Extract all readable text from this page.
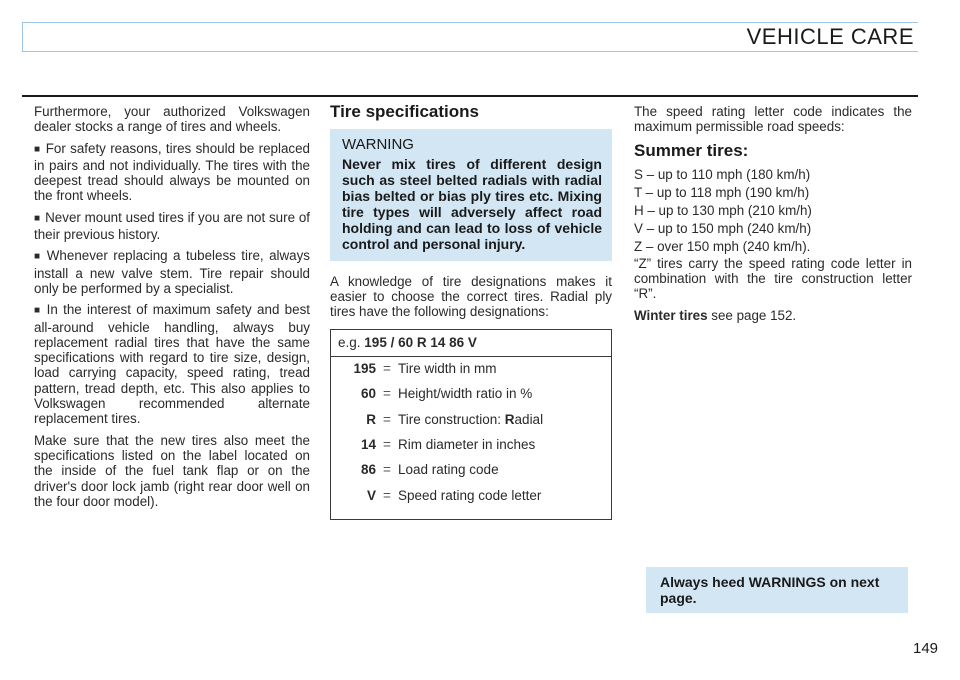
VEHICLE CARE

Furthermore, your authorized Volkswagen dealer stocks a range of tires and wheels.

■ For safety reasons, tires should be replaced in pairs and not individually. The tires with the deepest tread should always be mounted on the front wheels.

■ Never mount used tires if you are not sure of their previous history.

■ Whenever replacing a tubeless tire, always install a new valve stem. Tire repair should only be performed by a specialist.

■ In the interest of maximum safety and best all-around vehicle handling, always buy replacement radial tires that have the same specifications with regard to tire size, design, load carrying capacity, speed rating, tread pattern, tread depth, etc. This also applies to Volkswagen recommended alternate replacement tires.

Make sure that the new tires also meet the specifications listed on the label located on the inside of the fuel tank flap or on the driver's door lock jamb (right rear door well on the four door model).

Tire specifications
WARNING
Never mix tires of different design such as steel belted radials with radial bias belted or bias ply tires etc. Mixing tire types will adversely affect road holding and can lead to loss of vehicle control and personal injury.

A knowledge of tire designations makes it easier to choose the correct tires. Radial ply tires have the following designations:

e.g. 195 / 60 R 14 86 V
195 = Tire width in mm
60 = Height/width ratio in %
R = Tire construction: Radial
14 = Rim diameter in inches
86 = Load rating code
V = Speed rating code letter

The speed rating letter code indicates the maximum permissible road speeds:

Summer tires:

S – up to 110 mph (180 km/h)

T – up to 118 mph (190 km/h)

H – up to 130 mph (210 km/h)

V – up to 150 mph (240 km/h)

Z – over 150 mph (240 km/h).

“Z” tires carry the speed rating code letter in combination with the tire construction letter “R”.

Winter tires see page 152.

Always heed WARNINGS on next page.
149
